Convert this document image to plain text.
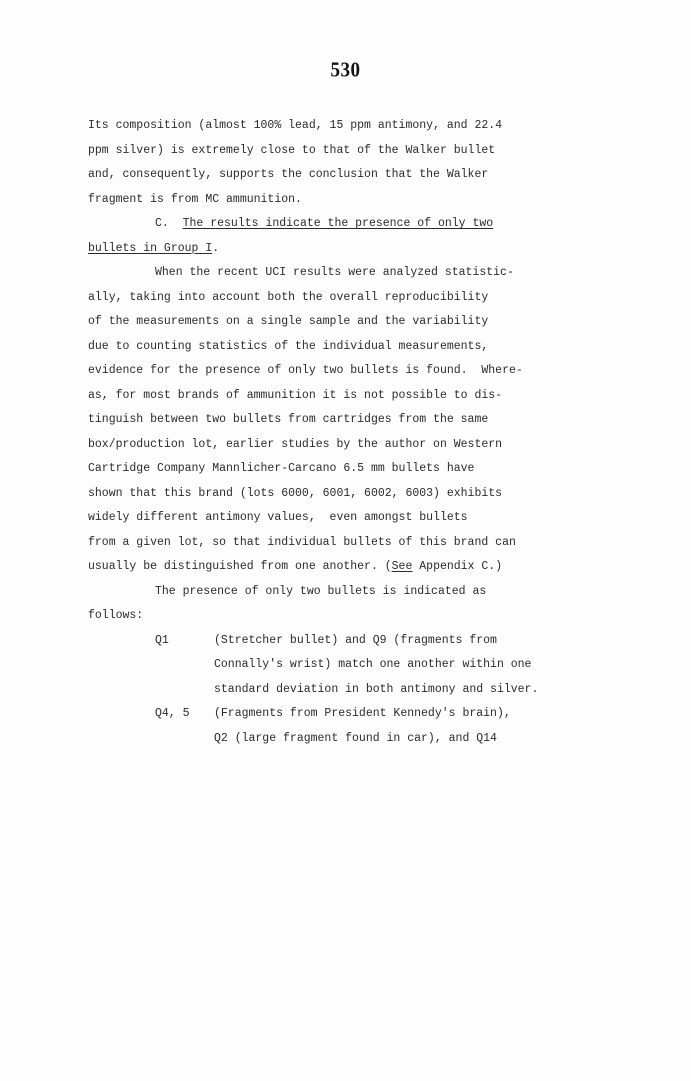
530
Its composition (almost 100% lead, 15 ppm antimony, and 22.4
ppm silver) is extremely close to that of the Walker bullet
and, consequently, supports the conclusion that the Walker
fragment is from MC ammunition.
C. The results indicate the presence of only two
bullets in Group I.
When the recent UCI results were analyzed statistic-
ally, taking into account both the overall reproducibility
of the measurements on a single sample and the variability
due to counting statistics of the individual measurements,
evidence for the presence of only two bullets is found.  Where-
as, for most brands of ammunition it is not possible to dis-
tinguish between two bullets from cartridges from the same
box/production lot, earlier studies by the author on Western
Cartridge Company Mannlicher-Carcano 6.5 mm bullets have
shown that this brand (lots 6000, 6001, 6002, 6003) exhibits
widely different antimony values,  even amongst bullets
from a given lot, so that individual bullets of this brand can
usually be distinguished from one another. (See Appendix C.)
The presence of only two bullets is indicated as
follows:
Q1	(Stretcher bullet) and Q9 (fragments from
Connally's wrist) match one another within one
standard deviation in both antimony and silver.
Q4, 5	(Fragments from President Kennedy's brain),
Q2 (large fragment found in car), and Q14
